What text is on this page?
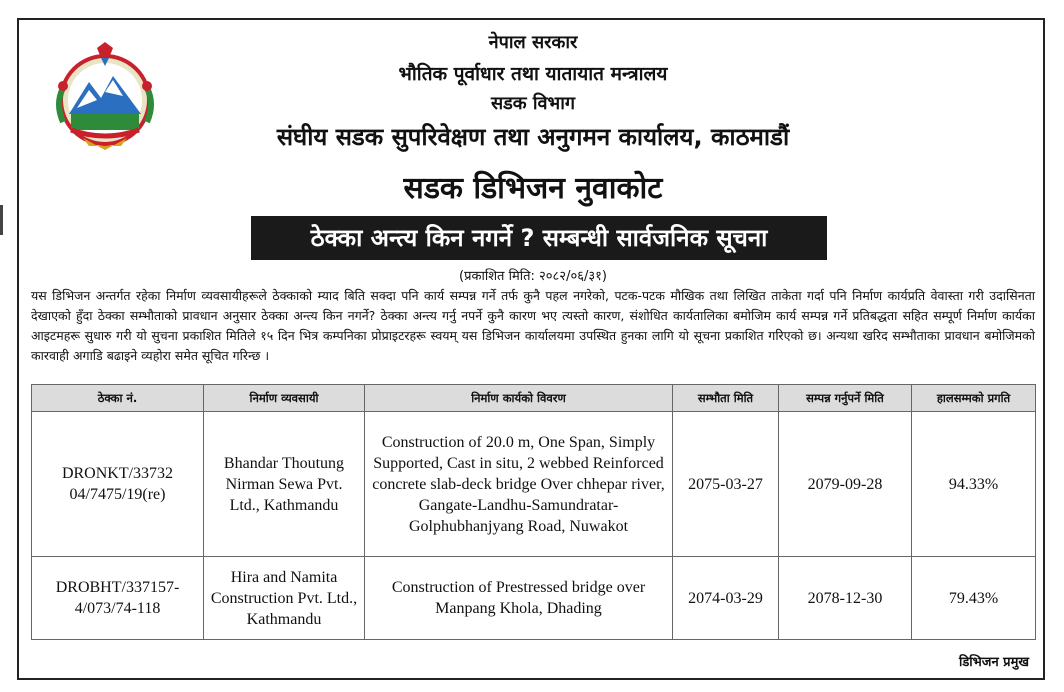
नेपाल सरकार
भौतिक पूर्वाधार तथा यातायात मन्त्रालय
सडक विभाग
संघीय सडक सुपरिवेक्षण तथा अनुगमन कार्यालय, काठमाडौं
सडक डिभिजन नुवाकोट
ठेक्का अन्त्य किन नगर्ने ? सम्बन्धी सार्वजनिक सूचना
(प्रकाशित मिति: २०८२/०६/३१)

यस डिभिजन अन्तर्गत रहेका निर्माण व्यवसायीहरूले ठेक्काको म्याद बिति सक्दा पनि कार्य सम्पन्न गर्ने तर्फ कुनै पहल नगरेको, पटक-पटक मौखिक तथा लिखित ताकेता गर्दा पनि निर्माण कार्यप्रति वेवास्ता गरी उदासिनता देखाएको हुँदा ठेक्का सम्भौताको प्रावधान अनुसार ठेक्का अन्त्य किन नगर्ने? ठेक्का अन्त्य गर्नु नपर्ने कुनै कारण भए त्यस्तो कारण, संशोधित कार्यतालिका बमोजिम कार्य सम्पन्न गर्ने प्रतिबद्धता सहित सम्पूर्ण निर्माण कार्यका आइटमहरू सुधारु गरी यो सुचना प्रकाशित मितिले १५ दिन भित्र कम्पनिका प्रोप्राइटरहरू स्वयम् यस डिभिजन कार्यालयमा उपस्थित हुनका लागि यो सूचना प्रकाशित गरिएको छ। अन्यथा खरिद सम्भौताका प्रावधान बमोजिमको कारवाही अगाडि बढाइने व्यहोरा समेत सूचित गरिन्छ ।

ठेक्का नं.	निर्माण व्यवसायी	निर्माण कार्यको विवरण	सम्भौता मिति	सम्पन्न गर्नुपर्ने मिति	हालसम्मको प्रगति
DRONKT/33732 04/7475/19(re)	Bhandar Thoutung Nirman Sewa Pvt. Ltd., Kathmandu	Construction of 20.0 m, One Span, Simply Supported, Cast in situ, 2 webbed Reinforced concrete slab-deck bridge Over chhepar river, Gangate-Landhu-Samundratar-Golphubhanjyang Road, Nuwakot	2075-03-27	2079-09-28	94.33%
DROBHT/337157-4/073/74-118	Hira and Namita Construction Pvt. Ltd., Kathmandu	Construction of Prestressed bridge over Manpang Khola, Dhading	2074-03-29	2078-12-30	79.43%
डिभिजन प्रमुख
